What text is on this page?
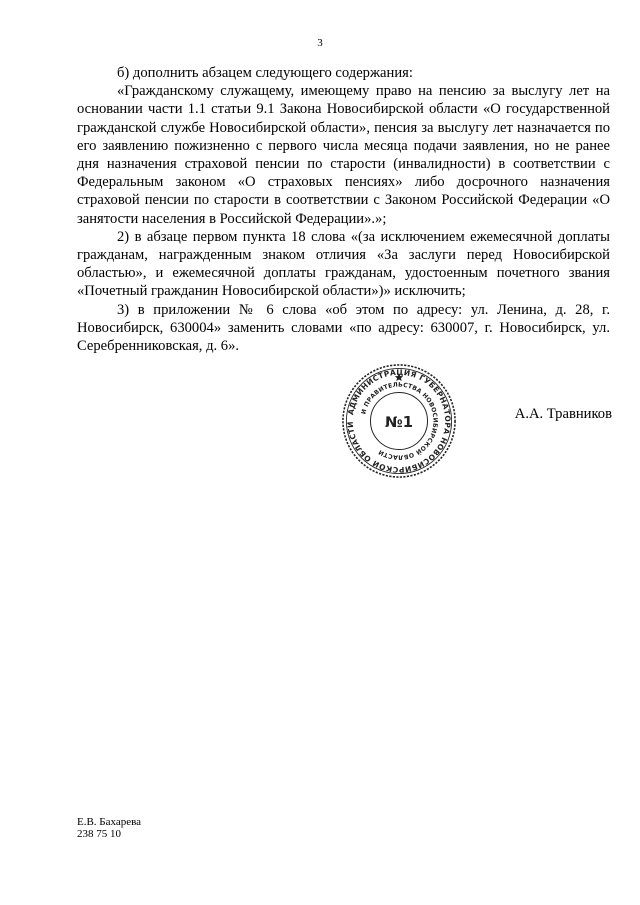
3

б) дополнить абзацем следующего содержания:

«Гражданскому служащему, имеющему право на пенсию за выслугу лет на основании части 1.1 статьи 9.1 Закона Новосибирской области «О государственной гражданской службе Новосибирской области», пенсия за выслугу лет назначается по его заявлению пожизненно с первого числа месяца подачи заявления, но не ранее дня назначения страховой пенсии по старости (инвалидности) в соответствии с Федеральным законом «О страховых пенсиях» либо досрочного назначения страховой пенсии по старости в соответствии с Законом Российской Федерации «О занятости населения в Российской Федерации».»;

2) в абзаце первом пункта 18 слова «(за исключением ежемесячной доплаты гражданам, награжденным знаком отличия «За заслуги перед Новосибирской областью», и ежемесячной доплаты гражданам, удостоенным почетного звания «Почетный гражданин Новосибирской области»)» исключить;

3) в приложении № 6 слова «об этом по адресу: ул. Ленина, д. 28, г. Новосибирск, 630004» заменить словами «по адресу: 630007, г. Новосибирск, ул. Серебренниковская, д. 6».

АДМИНИСТРАЦИЯ ГУБЕРНАТОРА НОВОСИБИРСКОЙ ОБЛАСТИ
И ПРАВИТЕЛЬСТВА НОВОСИБИРСКОЙ ОБЛАСТИ
№1	А.А. Травников
Е.В. Бахарева
238 75 10
